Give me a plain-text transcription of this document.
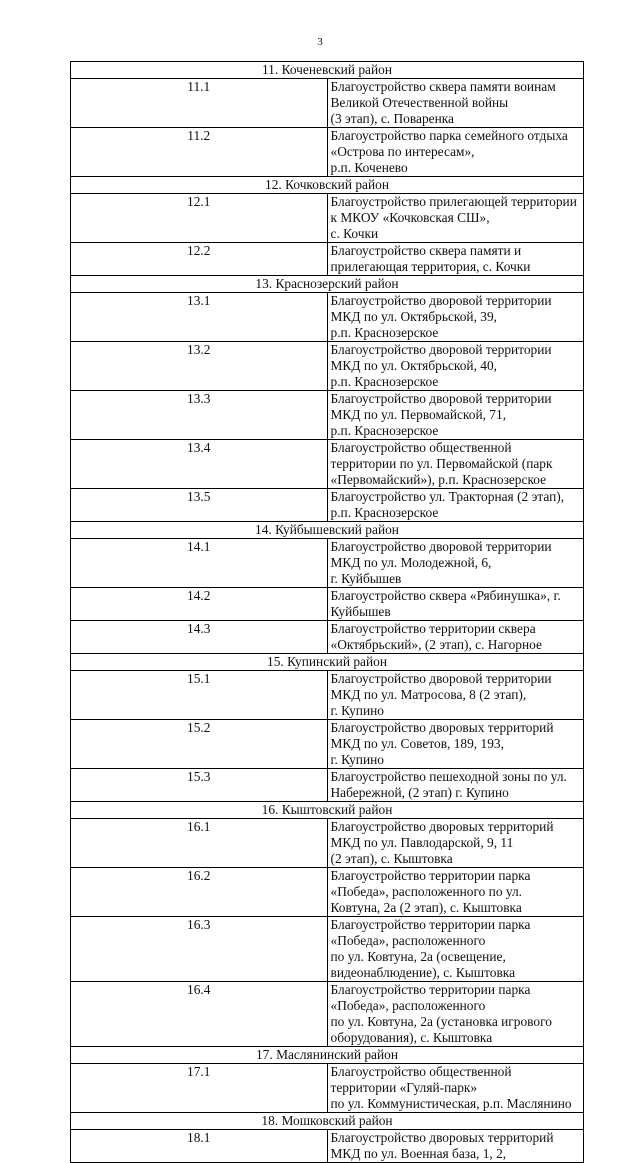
3
11. Коченевский район	
11.1	Благоустройство сквера памяти воинам Великой Отечественной войны
(3 этап), с. Поваренка
11.2	Благоустройство парка семейного отдыха «Острова по интересам»,
р.п. Коченево
12. Кочковский район	
12.1	Благоустройство прилегающей территории к МКОУ «Кочковская СШ»,
с. Кочки
12.2	Благоустройство сквера памяти и прилегающая территория, с. Кочки
13. Краснозерский район	
13.1	Благоустройство дворовой территории МКД по ул. Октябрьской, 39,
р.п. Краснозерское
13.2	Благоустройство дворовой территории МКД по ул. Октябрьской, 40,
р.п. Краснозерское
13.3	Благоустройство дворовой территории МКД по ул. Первомайской, 71,
р.п. Краснозерское
13.4	Благоустройство общественной территории по ул. Первомайской (парк
«Первомайский»), р.п. Краснозерское
13.5	Благоустройство ул. Тракторная (2 этап), р.п. Краснозерское
14. Куйбышевский район	
14.1	Благоустройство дворовой территории МКД по ул. Молодежной, 6,
г. Куйбышев
14.2	Благоустройство сквера «Рябинушка», г. Куйбышев
14.3	Благоустройство территории сквера «Октябрьский», (2 этап), с. Нагорное
15. Купинский район	
15.1	Благоустройство дворовой территории МКД по ул. Матросова, 8 (2 этап),
г. Купино
15.2	Благоустройство дворовых территорий МКД по ул. Советов, 189, 193,
г. Купино
15.3	Благоустройство пешеходной зоны по ул. Набережной, (2 этап) г. Купино
16. Кыштовский район	
16.1	Благоустройство дворовых территорий МКД по ул. Павлодарской, 9, 11
(2 этап), с. Кыштовка
16.2	Благоустройство территории парка «Победа», расположенного по ул.
Ковтуна, 2а (2 этап), с. Кыштовка
16.3	Благоустройство территории парка «Победа», расположенного
по ул. Ковтуна, 2а (освещение, видеонаблюдение), с. Кыштовка
16.4	Благоустройство территории парка «Победа», расположенного
по ул. Ковтуна, 2а (установка игрового оборудования), с. Кыштовка
17. Маслянинский район	
17.1	Благоустройство общественной территории «Гуляй-парк»
по ул. Коммунистическая, р.п. Маслянино
18. Мошковский район	
18.1	Благоустройство дворовых территорий МКД по ул. Военная база, 1, 2,
